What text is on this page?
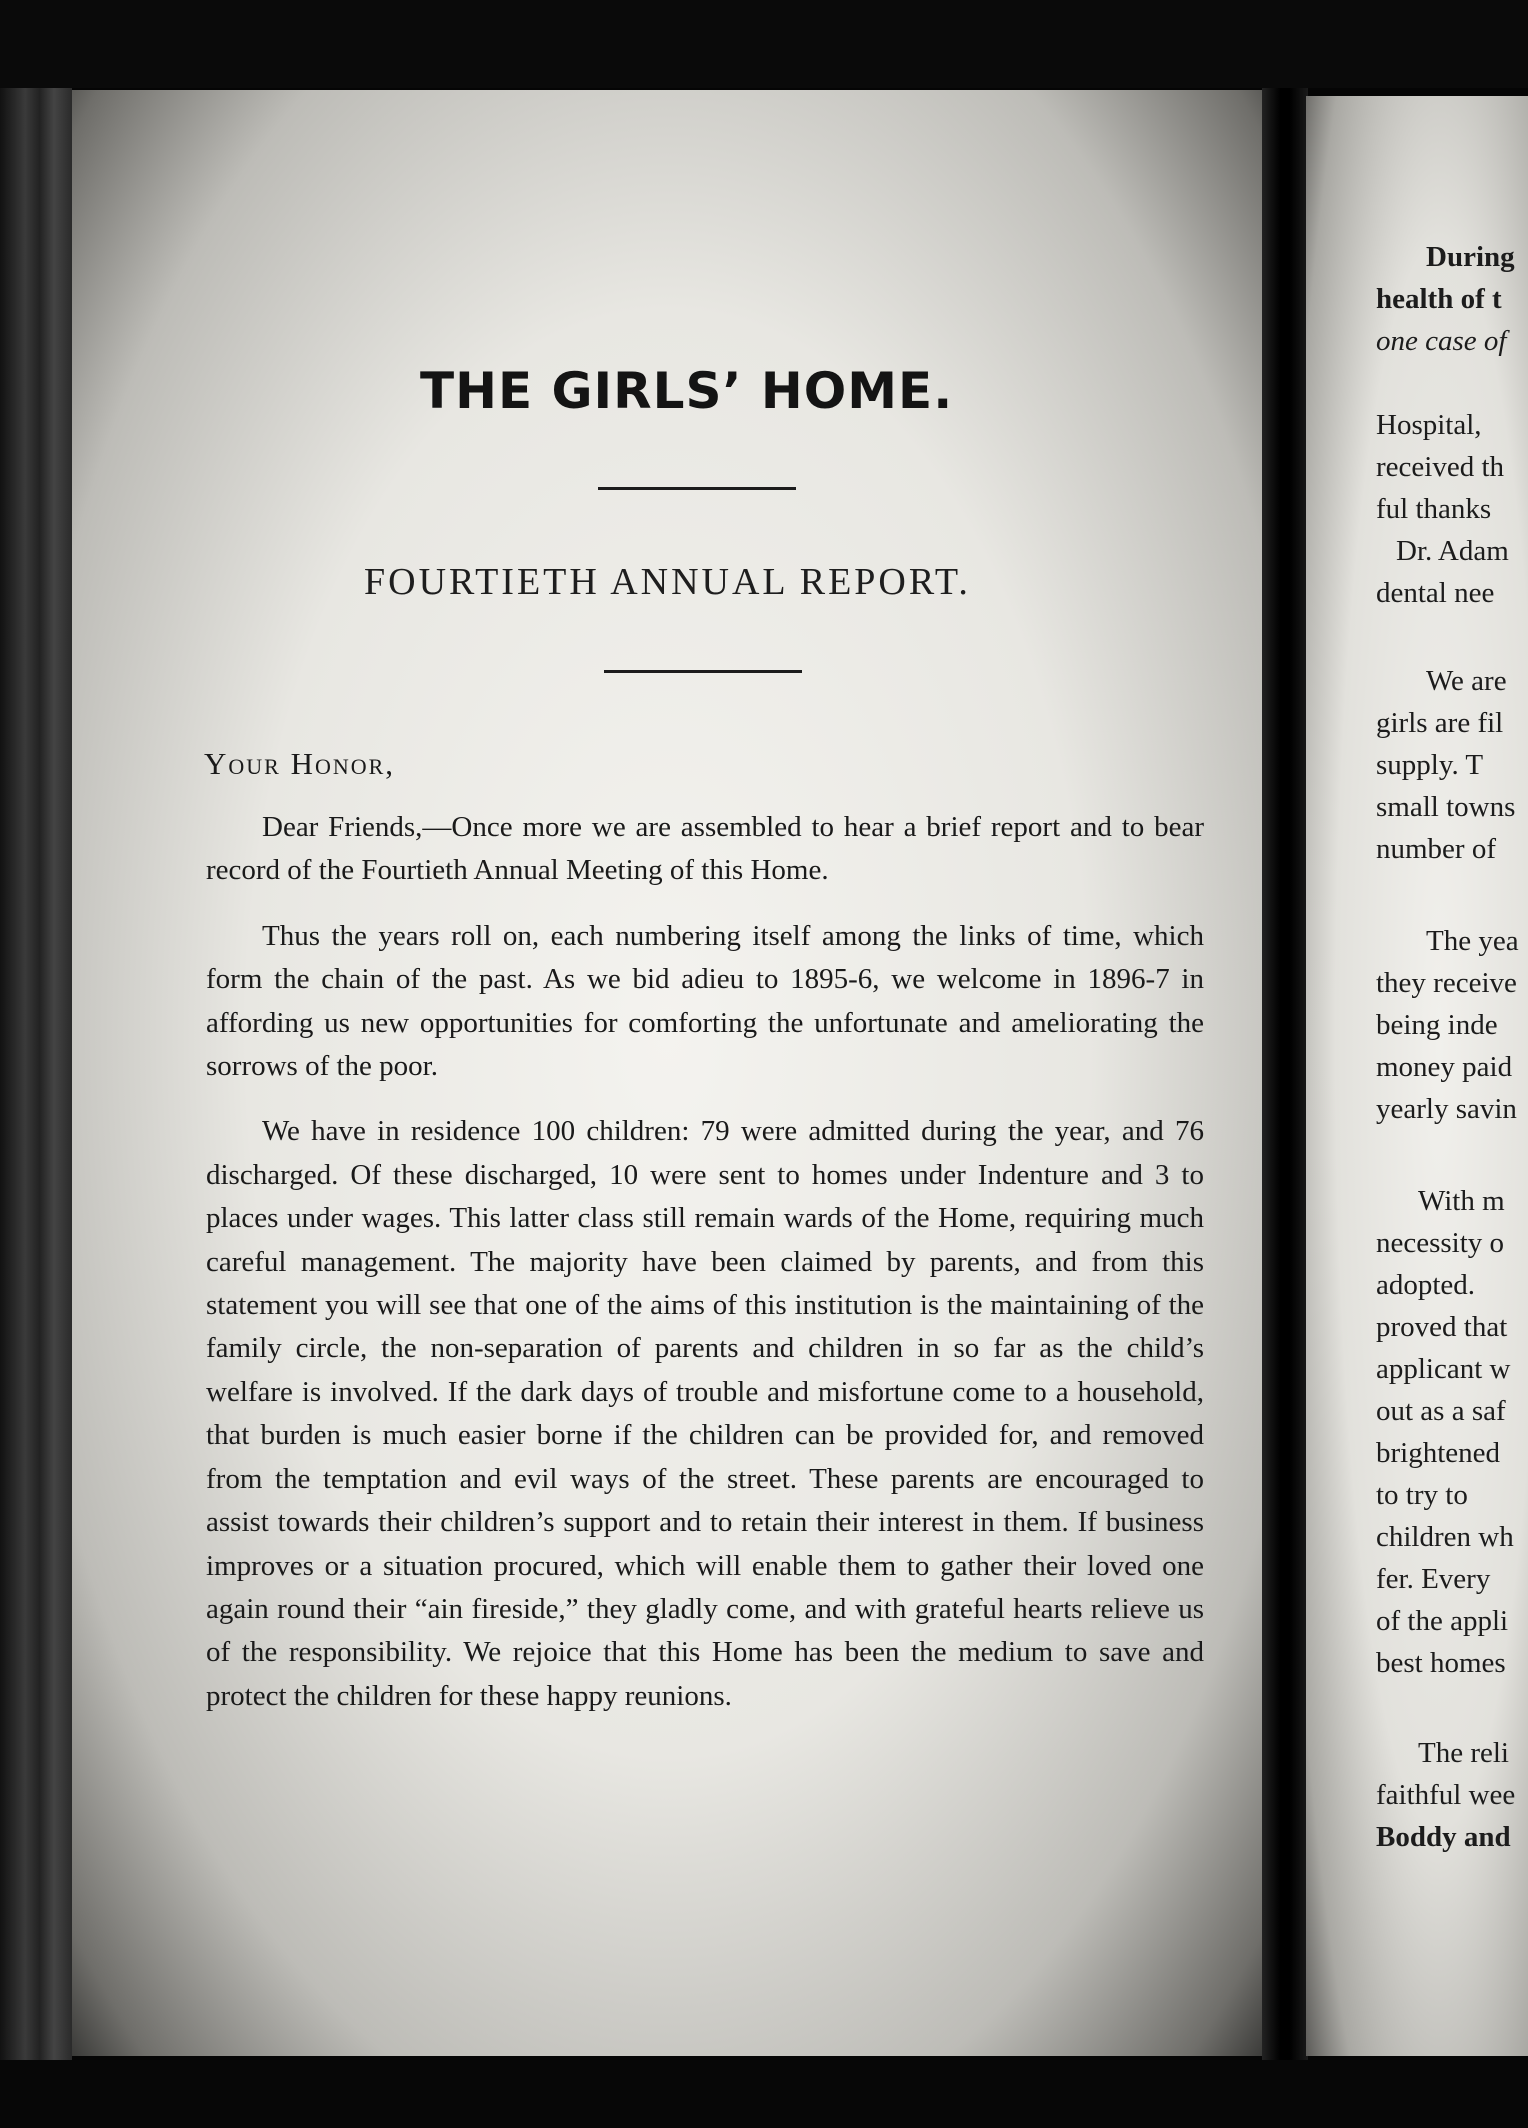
THE GIRLS’ HOME.
FOURTIETH ANNUAL REPORT.
Your Honor,

Dear Friends,—Once more we are assembled to hear a brief report and to bear record of the Fourtieth Annual Meeting of this Home.

Thus the years roll on, each numbering itself among the links of time, which form the chain of the past. As we bid adieu to 1895-6, we welcome in 1896-7 in affording us new opportunities for comforting the unfortunate and ameliorating the sorrows of the poor.

We have in residence 100 children: 79 were admitted during the year, and 76 discharged. Of these discharged, 10 were sent to homes under Indenture and 3 to places under wages. This latter class still remain wards of the Home, requiring much careful management. The majority have been claimed by parents, and from this statement you will see that one of the aims of this institution is the maintaining of the family circle, the non-separation of parents and children in so far as the child’s welfare is involved. If the dark days of trouble and misfortune come to a household, that burden is much easier borne if the children can be provided for, and removed from the temptation and evil ways of the street. These parents are encouraged to assist towards their children’s support and to retain their interest in them. If business improves or a situation procured, which will enable them to gather their loved one again round their “ain fireside,” they gladly come, and with grateful hearts relieve us of the responsibility. We rejoice that this Home has been the medium to save and protect the children for these happy reunions.

During
health of t
one case of
Hospital,
received th
ful thanks
Dr. Adam
dental nee
We are
girls are fil
supply. T
small towns
number of
The yea
they receive
being inde
money paid
yearly savin
With m
necessity o
adopted.
proved that
applicant w
out as a saf
brightened
to try to
children wh
fer. Every
of the appli
best homes
The reli
faithful wee
Boddy and
